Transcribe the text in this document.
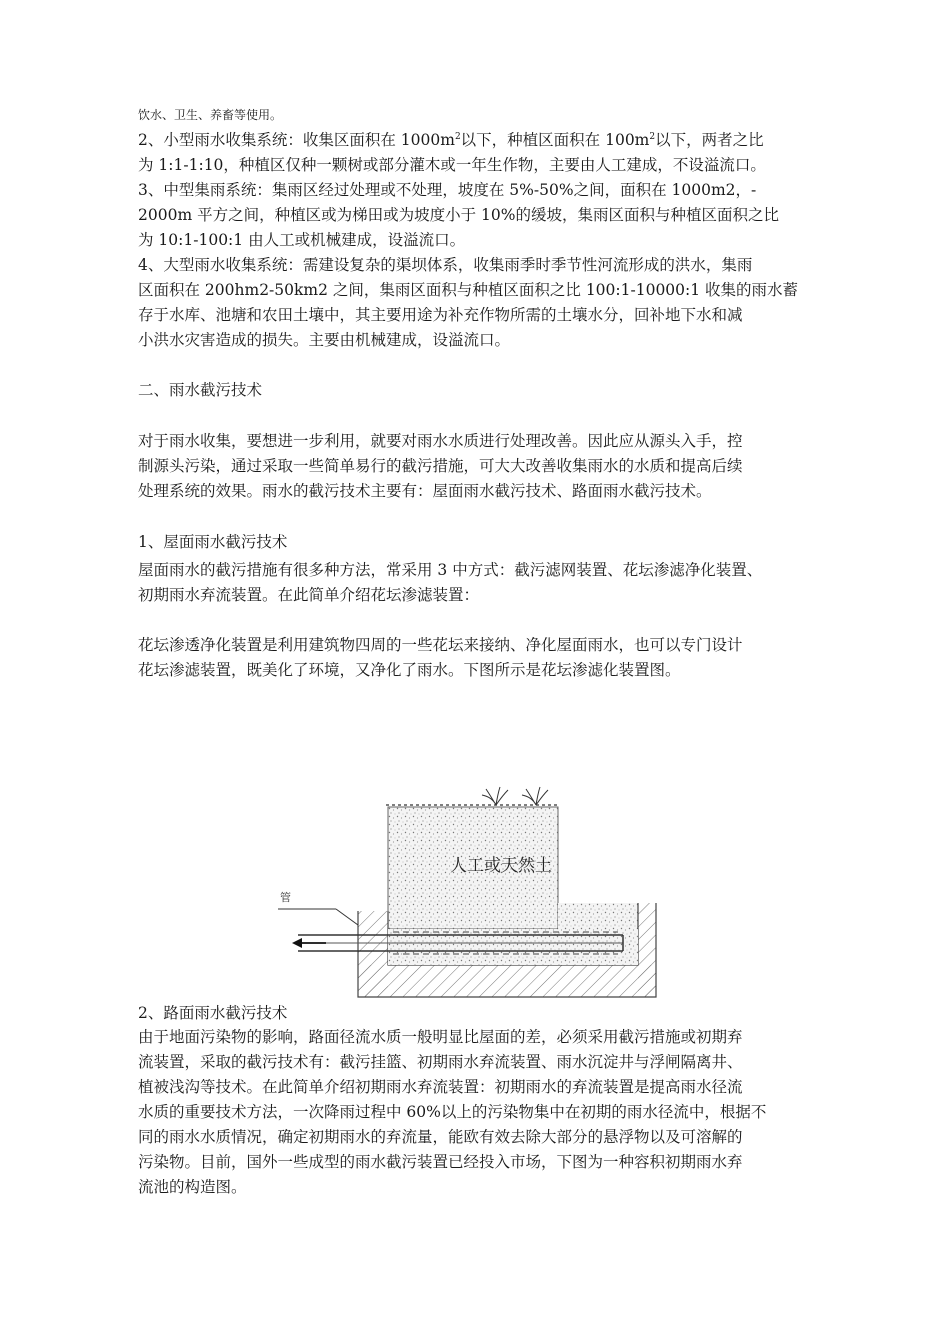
饮水、卫生、养畜等使用。
2、小型雨水收集系统：收集区面积在 $1000m^2$以下，种植区面积在 $100m^2$以下，两者之比
为 1:1-1:10，种植区仅种一颗树或部分灌木或一年生作物，主要由人工建成，不设溢流口。
3、中型集雨系统：集雨区经过处理或不处理，坡度在 5%-50%之间，面积在 1000m2，-
2000m 平方之间，种植区或为梯田或为坡度小于 10%的缓坡，集雨区面积与种植区面积之比
为 10:1-100:1 由人工或机械建成，设溢流口。
4、大型雨水收集系统：需建设复杂的渠坝体系，收集雨季时季节性河流形成的洪水，集雨
区面积在 200hm2-50km2 之间，集雨区面积与种植区面积之比 100:1-10000:1 收集的雨水蓄
存于水库、池塘和农田土壤中，其主要用途为补充作物所需的土壤水分，回补地下水和减
小洪水灾害造成的损失。主要由机械建成，设溢流口。
二、雨水截污技术
对于雨水收集，要想进一步利用，就要对雨水水质进行处理改善。因此应从源头入手，控
制源头污染，通过采取一些简单易行的截污措施，可大大改善收集雨水的水质和提高后续
处理系统的效果。雨水的截污技术主要有：屋面雨水截污技术、路面雨水截污技术。
1、屋面雨水截污技术
屋面雨水的截污措施有很多种方法，常采用 3 中方式：截污滤网装置、花坛渗滤净化装置、
初期雨水弃流装置。在此简单介绍花坛渗滤装置：
花坛渗透净化装置是利用建筑物四周的一些花坛来接纳、净化屋面雨水，也可以专门设计
花坛渗滤装置，既美化了环境，又净化了雨水。下图所示是花坛渗滤化装置图。
人工或天然土
管
2、路面雨水截污技术
由于地面污染物的影响，路面径流水质一般明显比屋面的差，必须采用截污措施或初期弃
流装置，采取的截污技术有：截污挂篮、初期雨水弃流装置、雨水沉淀井与浮闸隔离井、
植被浅沟等技术。在此简单介绍初期雨水弃流装置：初期雨水的弃流装置是提高雨水径流
水质的重要技术方法，一次降雨过程中 60%以上的污染物集中在初期的雨水径流中，根据不
同的雨水水质情况，确定初期雨水的弃流量，能欧有效去除大部分的悬浮物以及可溶解的
污染物。目前，国外一些成型的雨水截污装置已经投入市场，下图为一种容积初期雨水弃
流池的构造图。
